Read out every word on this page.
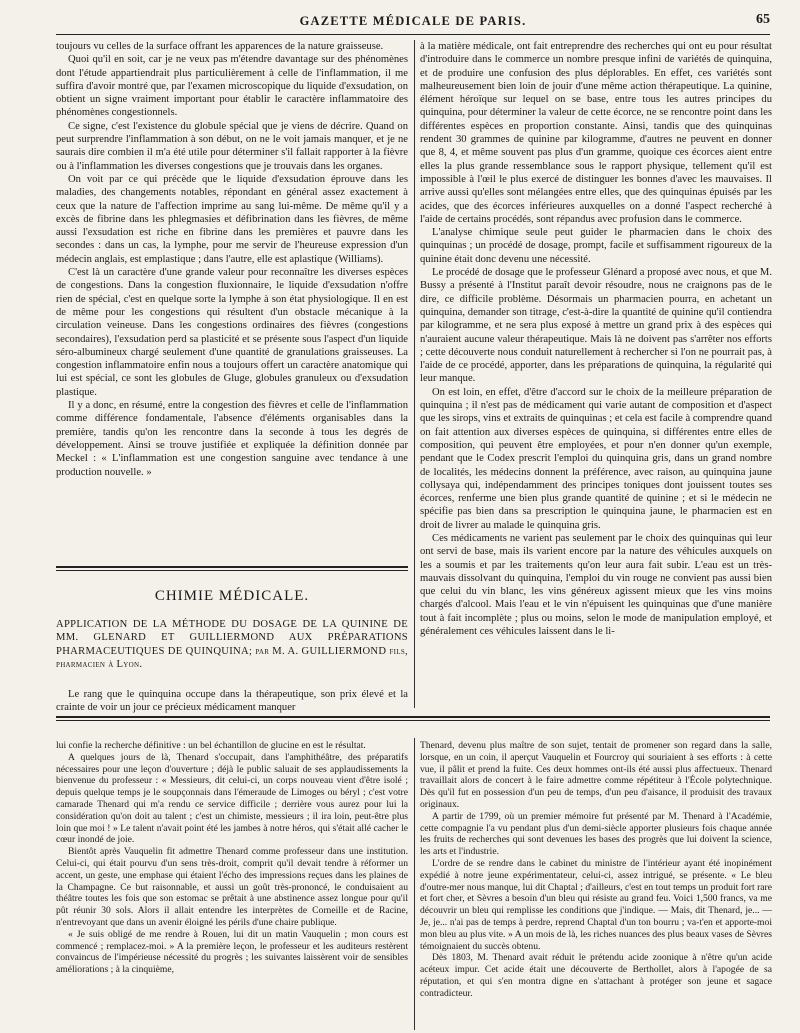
GAZETTE MÉDICALE DE PARIS.	65

toujours vu celles de la surface offrant les apparences de la nature graisseuse.

Quoi qu'il en soit, car je ne veux pas m'étendre davantage sur des phénomènes dont l'étude appartiendrait plus particulièrement à celle de l'inflammation, il me suffira d'avoir montré que, par l'examen microscopique du liquide d'exsudation, on obtient un signe vraiment important pour établir le caractère inflammatoire des phénomènes congestionnels.

Ce signe, c'est l'existence du globule spécial que je viens de décrire. Quand on peut surprendre l'inflammation à son début, on ne le voit jamais manquer, et je ne saurais dire combien il m'a été utile pour déterminer s'il fallait rapporter à la fièvre ou à l'inflammation les diverses congestions que je trouvais dans les organes.

On voit par ce qui précède que le liquide d'exsudation éprouve dans les maladies, des changements notables, répondant en général assez exactement à ceux que la nature de l'affection imprime au sang lui-même. De même qu'il y a excès de fibrine dans les phlegmasies et défibrination dans les fièvres, de même aussi l'exsudation est riche en fibrine dans les premières et pauvre dans les secondes : dans un cas, la lymphe, pour me servir de l'heureuse expression d'un médecin anglais, est emplastique ; dans l'autre, elle est aplastique (Williams).

C'est là un caractère d'une grande valeur pour reconnaître les diverses espèces de congestions. Dans la congestion fluxionnaire, le liquide d'exsudation n'offre rien de spécial, c'est en quelque sorte la lymphe à son état physiologique. Il en est de même pour les congestions qui résultent d'un obstacle mécanique à la circulation veineuse. Dans les congestions ordinaires des fièvres (congestions secondaires), l'exsudation perd sa plasticité et se présente sous l'aspect d'un liquide séro-albumineux chargé seulement d'une quantité de granulations graisseuses. La congestion inflammatoire enfin nous a toujours offert un caractère anatomique qui lui est spécial, ce sont les globules de Gluge, globules granuleux ou d'exsudation plastique.

Il y a donc, en résumé, entre la congestion des fièvres et celle de l'inflammation comme différence fondamentale, l'absence d'éléments organisables dans la première, tandis qu'on les rencontre dans la seconde à tous les degrés de développement. Ainsi se trouve justifiée et expliquée la définition donnée par Meckel : « L'inflammation est une congestion sanguine avec tendance à une production nouvelle. »

CHIMIE MÉDICALE.
APPLICATION DE LA MÉTHODE DU DOSAGE DE LA QUININE DE MM. GLENARD ET GUILLIERMOND AUX PRÉPARATIONS PHARMACEUTIQUES DE QUINQUINA; par M. A. GUILLIERMOND fils, pharmacien à Lyon.

Le rang que le quinquina occupe dans la thérapeutique, son prix élevé et la crainte de voir un jour ce précieux médicament manquer

à la matière médicale, ont fait entreprendre des recherches qui ont eu pour résultat d'introduire dans le commerce un nombre presque infini de variétés de quinquina, et de produire une confusion des plus déplorables. En effet, ces variétés sont malheureusement bien loin de jouir d'une même action thérapeutique. La quinine, élément héroïque sur lequel on se base, entre tous les autres principes du quinquina, pour déterminer la valeur de cette écorce, ne se rencontre point dans les différentes espèces en proportion constante. Ainsi, tandis que des quinquinas rendent 30 grammes de quinine par kilogramme, d'autres ne peuvent en donner que 8, 4, et même souvent pas plus d'un gramme, quoique ces écorces aient entre elles la plus grande ressemblance sous le rapport physique, tellement qu'il est impossible à l'œil le plus exercé de distinguer les bonnes d'avec les mauvaises. Il arrive aussi qu'elles sont mélangées entre elles, que des quinquinas épuisés par les acides, que des écorces inférieures auxquelles on a donné l'aspect recherché à l'aide de certains procédés, sont répandus avec profusion dans le commerce.

L'analyse chimique seule peut guider le pharmacien dans le choix des quinquinas ; un procédé de dosage, prompt, facile et suffisamment rigoureux de la quinine était donc devenu une nécessité.

Le procédé de dosage que le professeur Glénard a proposé avec nous, et que M. Bussy a présenté à l'Institut paraît devoir résoudre, nous ne craignons pas de le dire, ce difficile problème. Désormais un pharmacien pourra, en achetant un quinquina, demander son titrage, c'est-à-dire la quantité de quinine qu'il contiendra par kilogramme, et ne sera plus exposé à mettre un grand prix à des espèces qui n'auraient aucune valeur thérapeutique. Mais là ne doivent pas s'arrêter nos efforts ; cette découverte nous conduit naturellement à rechercher si l'on ne pourrait pas, à l'aide de ce procédé, apporter, dans les préparations de quinquina, la régularité qui leur manque.

On est loin, en effet, d'être d'accord sur le choix de la meilleure préparation de quinquina ; il n'est pas de médicament qui varie autant de composition et d'aspect que les sirops, vins et extraits de quinquinas ; et cela est facile à comprendre quand on fait attention aux diverses espèces de quinquina, si différentes entre elles de composition, qui peuvent être employées, et pour n'en donner qu'un exemple, pendant que le Codex prescrit l'emploi du quinquina gris, dans un grand nombre de localités, les médecins donnent la préférence, avec raison, au quinquina jaune collysaya qui, indépendamment des principes toniques dont jouissent toutes ses écorces, renferme une bien plus grande quantité de quinine ; et si le médecin ne spécifie pas bien dans sa prescription le quinquina jaune, le pharmacien est en droit de livrer au malade le quinquina gris.

Ces médicaments ne varient pas seulement par le choix des quinquinas qui leur ont servi de base, mais ils varient encore par la nature des véhicules auxquels on les a soumis et par les traitements qu'on leur aura fait subir. L'eau est un très-mauvais dissolvant du quinquina, l'emploi du vin rouge ne convient pas aussi bien que celui du vin blanc, les vins généreux agissent mieux que les vins moins chargés d'alcool. Mais l'eau et le vin n'épuisent les quinquinas que d'une manière tout à fait incomplète ; plus ou moins, selon le mode de manipulation employé, et généralement ces véhicules laissent dans le li-

lui confie la recherche définitive : un bel échantillon de glucine en est le résultat.

A quelques jours de là, Thenard s'occupait, dans l'amphithéâtre, des préparatifs nécessaires pour une leçon d'ouverture ; déjà le public saluait de ses applaudissements la bienvenue du professeur : « Messieurs, dit celui-ci, un corps nouveau vient d'être isolé ; depuis quelque temps je le soupçonnais dans l'émeraude de Limoges ou béryl ; c'est votre camarade Thenard qui m'a rendu ce service difficile ; derrière vous aurez pour lui la considération qu'on doit au talent ; c'est un chimiste, messieurs ; il ira loin, peut-être plus loin que moi ! » Le talent n'avait point été les jambes à notre héros, qui s'était allé cacher le cœur inondé de joie.

Bientôt après Vauquelin fit admettre Thenard comme professeur dans une institution. Celui-ci, qui était pourvu d'un sens très-droit, comprit qu'il devait tendre à réformer un accent, un geste, une emphase qui étaient l'écho des impressions reçues dans les plaines de la Champagne. Ce but raisonnable, et aussi un goût très-prononcé, le conduisaient au théâtre toutes les fois que son estomac se prêtait à une abstinence assez longue pour qu'il pût réunir 30 sols. Alors il allait entendre les interprètes de Corneille et de Racine, n'entrevoyant que dans un avenir éloigné les périls d'une chaire publique.

« Je suis obligé de me rendre à Rouen, lui dit un matin Vauquelin ; mon cours est commencé ; remplacez-moi. » A la première leçon, le professeur et les auditeurs restèrent convaincus de l'impérieuse nécessité du progrès ; les suivantes laissèrent voir de sensibles améliorations ; à la cinquième,

Thenard, devenu plus maître de son sujet, tentait de promener son regard dans la salle, lorsque, en un coin, il aperçut Vauquelin et Fourcroy qui souriaient à ses efforts : à cette vue, il pâlit et prend la fuite. Ces deux hommes ont-ils été aussi plus affectueux. Thenard travaillait alors de concert à le faire admettre comme répétiteur à l'École polytechnique. Dès qu'il fut en possession d'un peu de temps, d'un peu d'aisance, il produisit des travaux originaux.

A partir de 1799, où un premier mémoire fut présenté par M. Thenard à l'Académie, cette compagnie l'a vu pendant plus d'un demi-siècle apporter plusieurs fois chaque année les fruits de recherches qui sont devenues les bases des progrès que lui doivent la science, les arts et l'industrie.

L'ordre de se rendre dans le cabinet du ministre de l'intérieur ayant été inopinément expédié à notre jeune expérimentateur, celui-ci, assez intrigué, se présente. « Le bleu d'outre-mer nous manque, lui dit Chaptal ; d'ailleurs, c'est en tout temps un produit fort rare et fort cher, et Sèvres a besoin d'un bleu qui résiste au grand feu. Voici 1,500 francs, va me découvrir un bleu qui remplisse les conditions que j'indique. — Mais, dit Thenard, je... — Je, je... n'ai pas de temps à perdre, reprend Chaptal d'un ton bourru ; va-t'en et apporte-moi mon bleu au plus vite. » A un mois de là, les riches nuances des plus beaux vases de Sèvres témoignaient du succès obtenu.

Dès 1803, M. Thenard avait réduit le prétendu acide zoonique à n'être qu'un acide acéteux impur. Cet acide était une découverte de Berthollet, alors à l'apogée de sa réputation, et qui s'en montra digne en s'attachant à protéger son jeune et sagace contradicteur.
